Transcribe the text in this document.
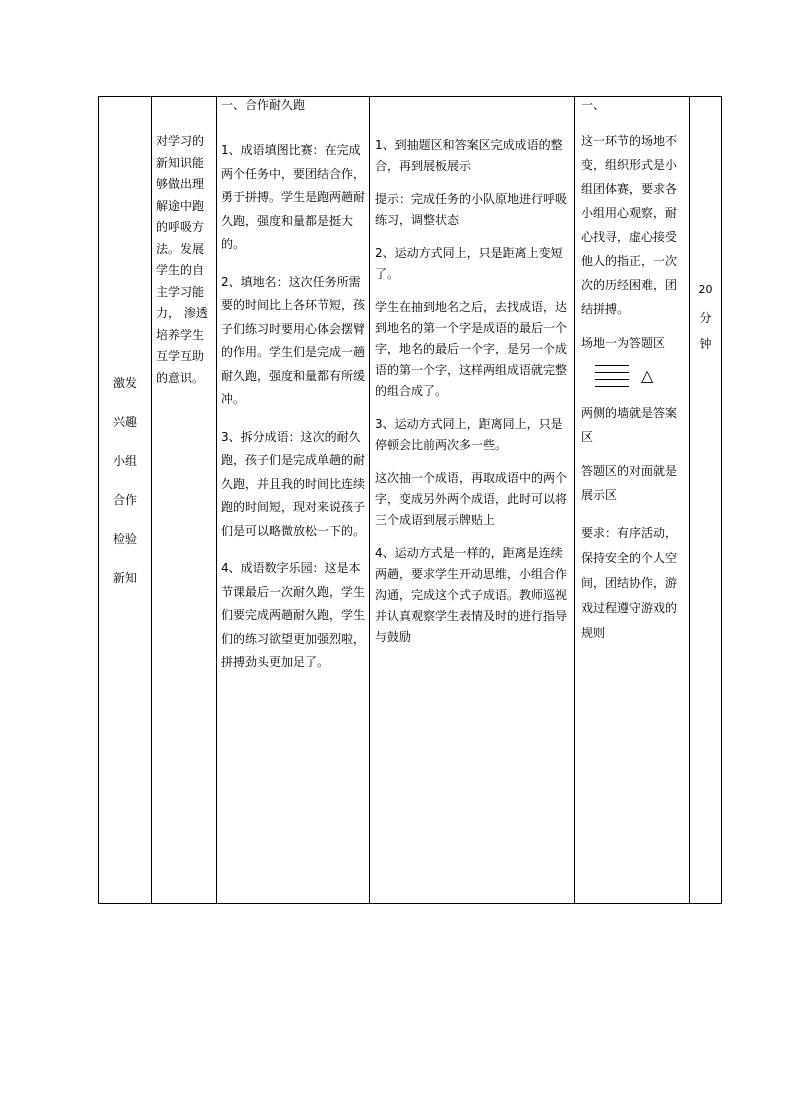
激发

兴趣

小组

合作

检验

新知

对学习的新知识能够做出理解途中跑的呼吸方法。发展学生的自主学习能力， 渗透培养学生互学互助的意识。

一、合作耐久跑

1、成语填图比赛：在完成两个任务中，要团结合作，勇于拼搏。学生是跑两趟耐久跑，强度和量都是挺大的。

2、填地名：这次任务所需要的时间比上各环节短，孩子们练习时要用心体会摆臂的作用。学生们是完成一趟耐久跑，强度和量都有所缓冲。

3、拆分成语：这次的耐久跑，孩子们是完成单趟的耐久跑，并且我的时间比连续跑的时间短，现对来说孩子们是可以略微放松一下的。

4、成语数字乐园：这是本节课最后一次耐久跑，学生们要完成两趟耐久跑，学生们的练习欲望更加强烈啦，拼搏劲头更加足了。

1、到抽题区和答案区完成成语的整合，再到展板展示

提示：完成任务的小队原地进行呼吸练习，调整状态

2、运动方式同上，只是距离上变短了。

学生在抽到地名之后，去找成语，达到地名的第一个字是成语的最后一个字，地名的最后一个字，是另一个成语的第一个字，这样两组成语就完整的组合成了。

3、运动方式同上，距离同上，只是停顿会比前两次多一些。

这次抽一个成语，再取成语中的两个字，变成另外两个成语，此时可以将三个成语到展示牌贴上

4、运动方式是一样的，距离是连续两趟，要求学生开动思维，小组合作沟通，完成这个式子成语。教师巡视并认真观察学生表情及时的进行指导与鼓励

一、

这一环节的场地不变，组织形式是小组团体赛，要求各小组用心观察，耐心找寻，虚心接受他人的指正，一次次的历经困难，团结拼搏。

场地一为答题区

△

两侧的墙就是答案区

答题区的对面就是展示区

要求：有序活动，保持安全的个人空间，团结协作，游戏过程遵守游戏的规则

20

分

钟
